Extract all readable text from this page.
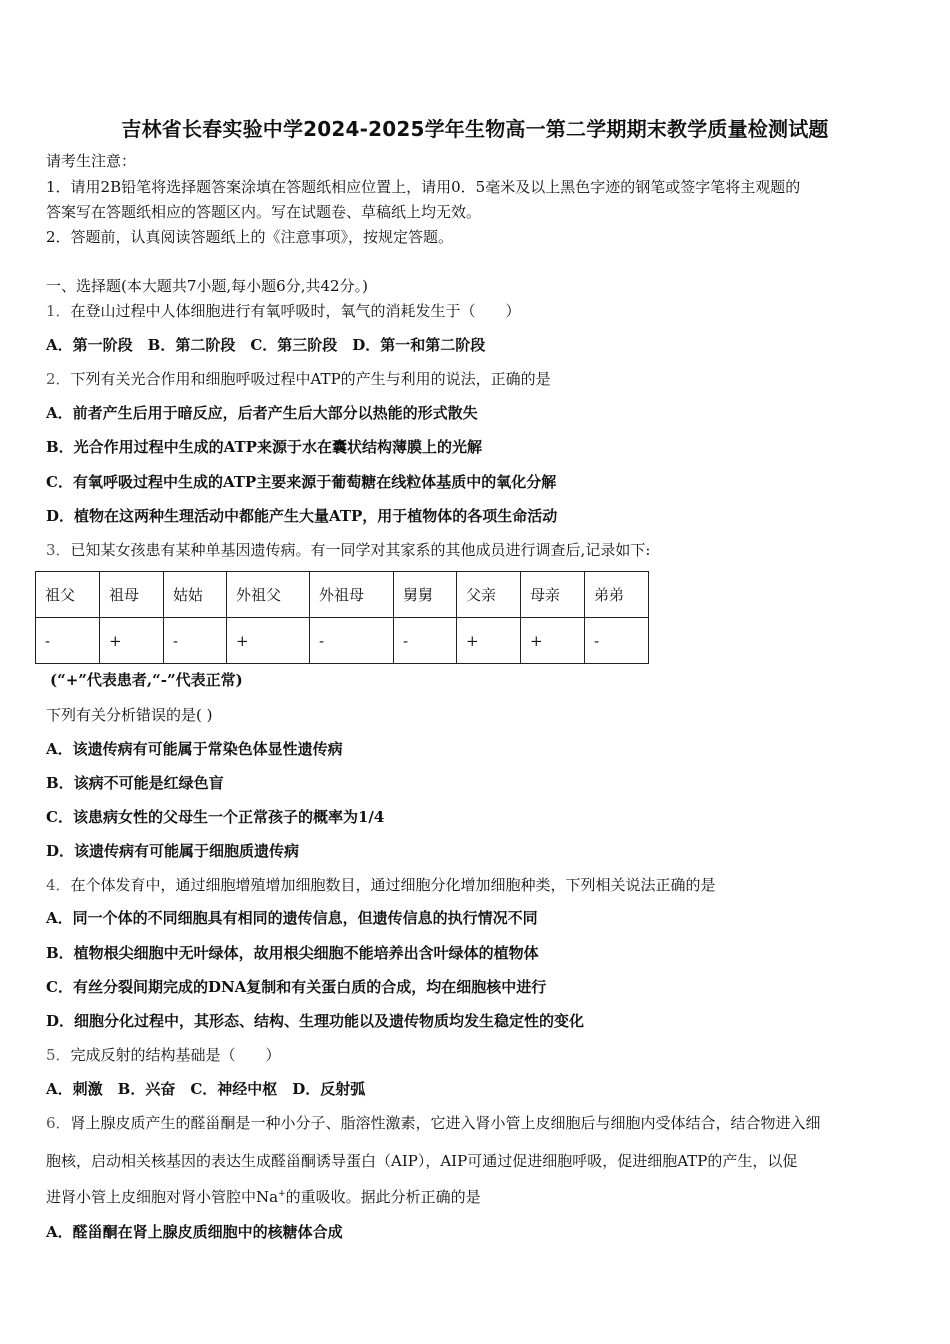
吉林省长春实验中学2024-2025学年生物高一第二学期期末教学质量检测试题
请考生注意：
1．请用2B铅笔将选择题答案涂填在答题纸相应位置上，请用0．5毫米及以上黑色字迹的钢笔或签字笔将主观题的
答案写在答题纸相应的答题区内。写在试题卷、草稿纸上均无效。
2．答题前，认真阅读答题纸上的《注意事项》，按规定答题。
一、选择题(本大题共7小题,每小题6分,共42分。)
1．在登山过程中人体细胞进行有氧呼吸时，氧气的消耗发生于（　　）
A．第一阶段　B．第二阶段　C．第三阶段　D．第一和第二阶段
2．下列有关光合作用和细胞呼吸过程中ATP的产生与利用的说法，正确的是
A．前者产生后用于暗反应，后者产生后大部分以热能的形式散失
B．光合作用过程中生成的ATP来源于水在囊状结构薄膜上的光解
C．有氧呼吸过程中生成的ATP主要来源于葡萄糖在线粒体基质中的氧化分解
D．植物在这两种生理活动中都能产生大量ATP，用于植物体的各项生命活动
3．已知某女孩患有某种单基因遗传病。有一同学对其家系的其他成员进行调查后,记录如下:
祖父	祖母	姑姑	外祖父	外祖母	舅舅	父亲	母亲	弟弟
-	+	-	+	-	-	+	+	-
(“+”代表患者,“-”代表正常)
下列有关分析错误的是( )
A．该遗传病有可能属于常染色体显性遗传病
B．该病不可能是红绿色盲
C．该患病女性的父母生一个正常孩子的概率为1/4
D．该遗传病有可能属于细胞质遗传病
4．在个体发育中，通过细胞增殖增加细胞数目，通过细胞分化增加细胞种类，下列相关说法正确的是
A．同一个体的不同细胞具有相同的遗传信息，但遗传信息的执行情况不同
B．植物根尖细胞中无叶绿体，故用根尖细胞不能培养出含叶绿体的植物体
C．有丝分裂间期完成的DNA复制和有关蛋白质的合成，均在细胞核中进行
D．细胞分化过程中，其形态、结构、生理功能以及遗传物质均发生稳定性的变化
5．完成反射的结构基础是（　　）
A．刺激　B．兴奋　C．神经中枢　D．反射弧
6．肾上腺皮质产生的醛甾酮是一种小分子、脂溶性激素，它进入肾小管上皮细胞后与细胞内受体结合，结合物进入细
胞核，启动相关核基因的表达生成醛甾酮诱导蛋白（AIP），AIP可通过促进细胞呼吸，促进细胞ATP的产生，以促
进肾小管上皮细胞对肾小管腔中Na+的重吸收。据此分析正确的是
A．醛甾酮在肾上腺皮质细胞中的核糖体合成
